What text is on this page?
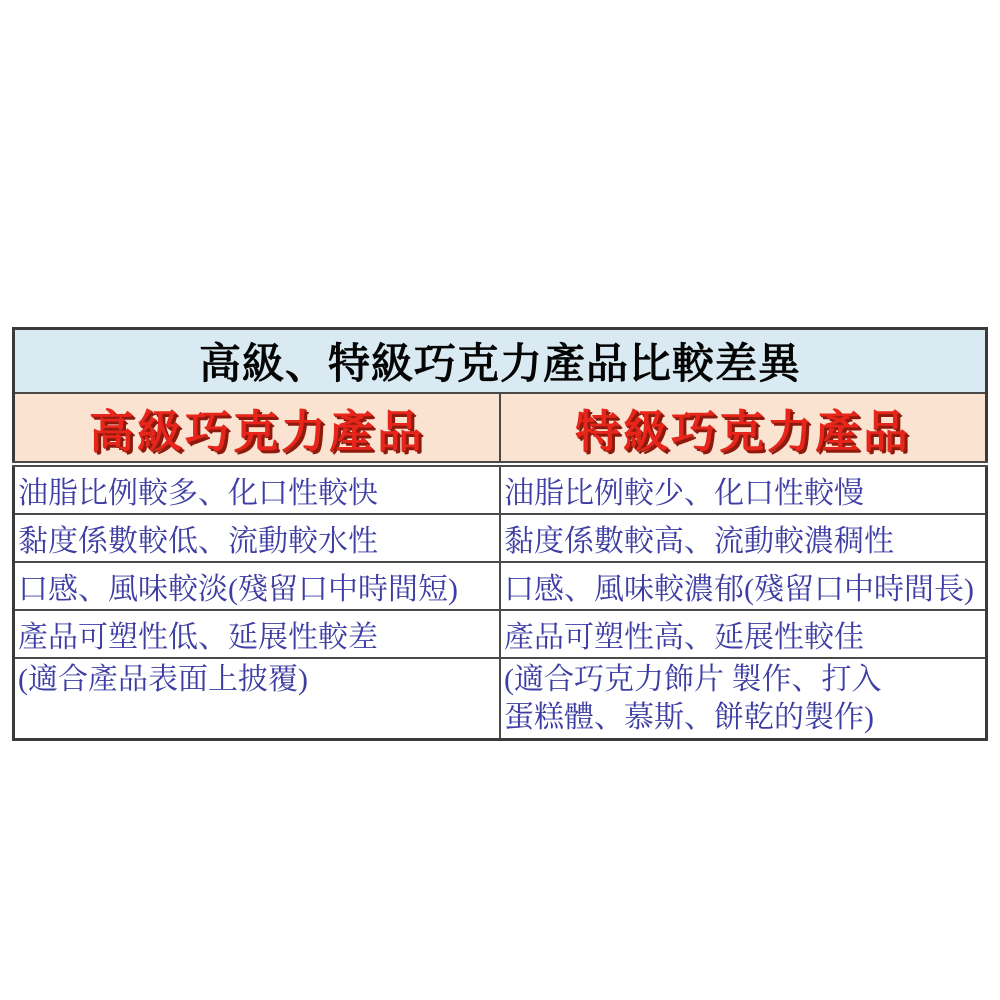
高級、特級巧克力產品比較差異	
高級巧克力產品	特級巧克力產品
油脂比例較多、化口性較快	油脂比例較少、化口性較慢
黏度係數較低、流動較水性	黏度係數較高、流動較濃稠性
口感、風味較淡(殘留口中時間短)	口感、風味較濃郁(殘留口中時間長)
產品可塑性低、延展性較差	產品可塑性高、延展性較佳
(適合產品表面上披覆)	(適合巧克力飾片 製作、打入
蛋糕體、慕斯、餅乾的製作)
